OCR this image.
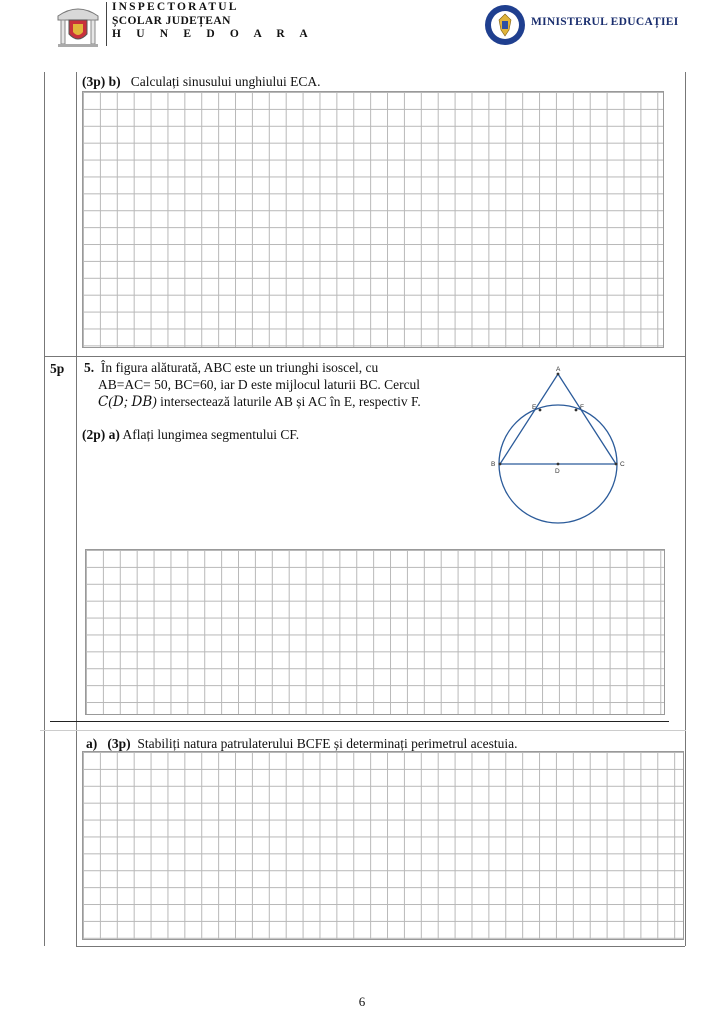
INSPECTORATUL
ȘCOLAR JUDEȚEAN
H U N E D O A R A
MINISTERUL EDUCAȚIEI
(3p) b) Calculați sinusului unghiului ECA.
5p 5. În figura alăturată, ABC este un triunghi isoscel, cu
AB=AC= 50, BC=60, iar D este mijlocul laturii BC. Cercul
𝐶(𝐷; 𝐷𝐵) intersectează laturile AB și AC în E, respectiv F.
(2p) a) Aflați lungimea segmentului CF.
A
B	C
D
E	F
a) (3p) Stabiliți natura patrulaterului BCFE și determinați perimetrul acestuia.
6
